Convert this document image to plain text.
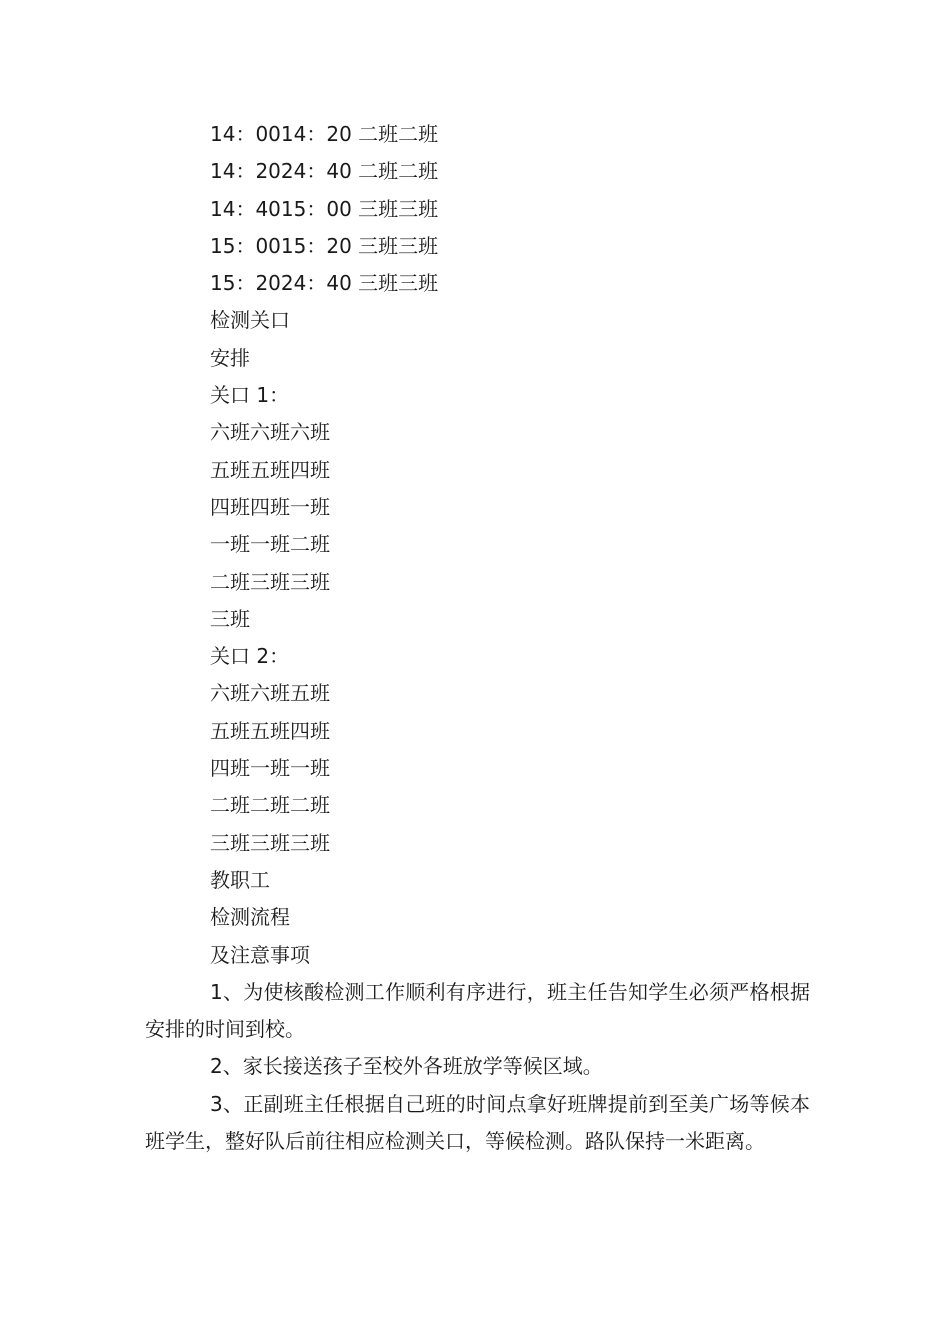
14：0014：20 二班二班

14：2024：40 二班二班

14：4015：00 三班三班

15：0015：20 三班三班

15：2024：40 三班三班

检测关口

安排

关口 1：

六班六班六班

五班五班四班

四班四班一班

一班一班二班

二班三班三班

三班

关口 2：

六班六班五班

五班五班四班

四班一班一班

二班二班二班

三班三班三班

教职工

检测流程

及注意事项

1、为使核酸检测工作顺利有序进行，班主任告知学生必须严格根据安排的时间到校。

2、家长接送孩子至校外各班放学等候区域。

3、正副班主任根据自己班的时间点拿好班牌提前到至美广场等候本班学生，整好队后前往相应检测关口，等候检测。路队保持一米距离。
